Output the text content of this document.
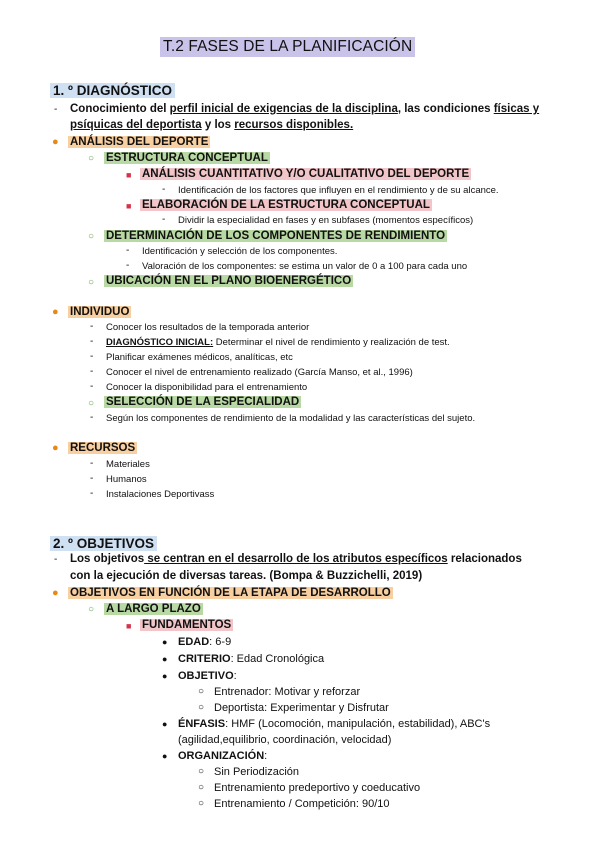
T.2 FASES DE LA PLANIFICACIÓN
1. º DIAGNÓSTICO
- Conocimiento del perfil inicial de exigencias de la disciplina, las condiciones físicas y
psíquicas del deportista y los recursos disponibles.
● ANÁLISIS DEL DEPORTE
○ ESTRUCTURA CONCEPTUAL
■ ANÁLISIS CUANTITATIVO Y/O CUALITATIVO DEL DEPORTE
- Identificación de los factores que influyen en el rendimiento y de su alcance.
■ ELABORACIÓN DE LA ESTRUCTURA CONCEPTUAL
- Dividir la especialidad en fases y en subfases (momentos específicos)
○ DETERMINACIÓN DE LOS COMPONENTES DE RENDIMIENTO
- Identificación y selección de los componentes.
- Valoración de los componentes: se estima un valor de 0 a 100 para cada uno
○ UBICACIÓN EN EL PLANO BIOENERGÉTICO
● INDIVIDUO
- Conocer los resultados de la temporada anterior
- DIAGNÓSTICO INICIAL: Determinar el nivel de rendimiento y realización de test.
- Planificar exámenes médicos, analíticas, etc
- Conocer el nivel de entrenamiento realizado (García Manso, et al., 1996)
- Conocer la disponibilidad para el entrenamiento
○ SELECCIÓN DE LA ESPECIALIDAD
- Según los componentes de rendimiento de la modalidad y las características del sujeto.
● RECURSOS
- Materiales
- Humanos
- Instalaciones Deportivass
2. º OBJETIVOS
- Los objetivos se centran en el desarrollo de los atributos específicos relacionados
con la ejecución de diversas tareas. (Bompa & Buzzichelli, 2019)
● OBJETIVOS EN FUNCIÓN DE LA ETAPA DE DESARROLLO
○ A LARGO PLAZO
■ FUNDAMENTOS
● EDAD: 6-9
● CRITERIO: Edad Cronológica
● OBJETIVO:
○ Entrenador: Motivar y reforzar
○ Deportista: Experimentar y Disfrutar
● ÉNFASIS: HMF (Locomoción, manipulación, estabilidad), ABC's
(agilidad,equilibrio, coordinación, velocidad)
● ORGANIZACIÓN:
○ Sin Periodización
○ Entrenamiento predeportivo y coeducativo
○ Entrenamiento / Competición: 90/10
